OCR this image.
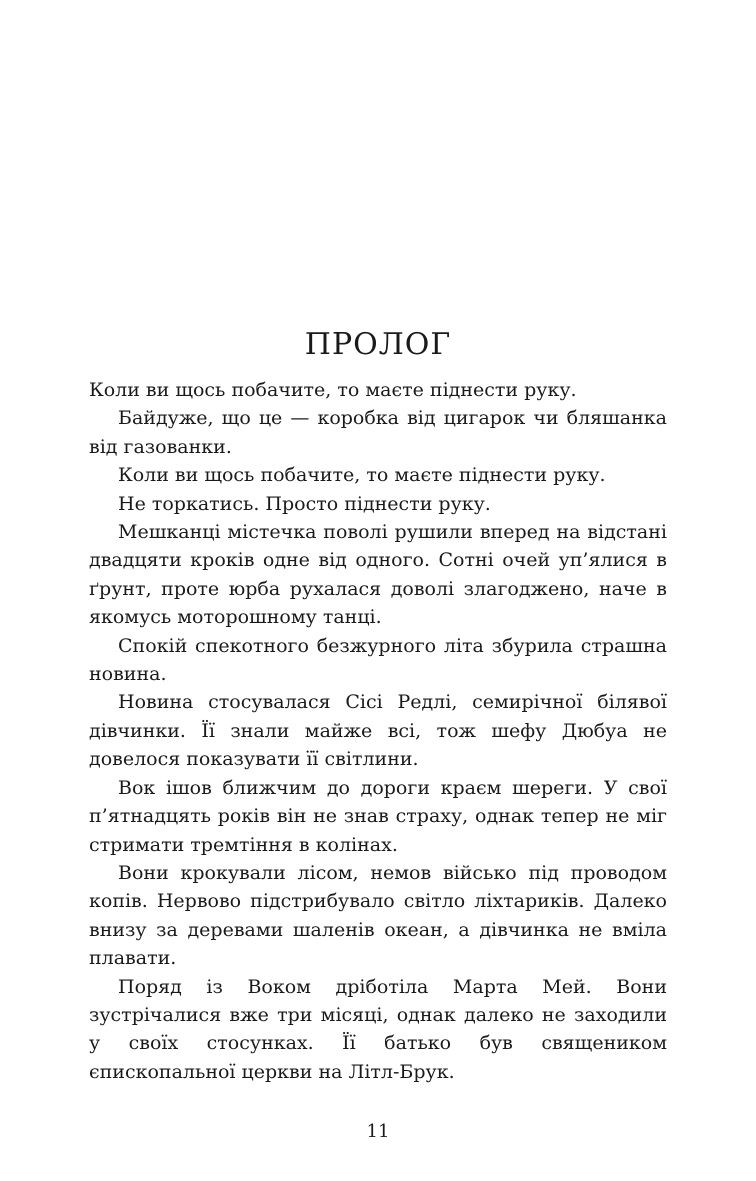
ПРОЛОГ

Коли ви щось побачите, то маєте піднести руку.

Байдуже, що це — коробка від цигарок чи бляшанка від газованки.

Коли ви щось побачите, то маєте піднести руку.

Не торкатись. Просто піднести руку.

Мешканці містечка поволі рушили вперед на відстані двадцяти кроків одне від одного. Сотні очей уп’ялися в ґрунт, проте юрба рухалася доволі злагоджено, наче в якомусь моторошному танці.

Спокій спекотного безжурного літа збурила страшна новина.

Новина стосувалася Сісі Редлі, семирічної білявої дівчинки. Її знали майже всі, тож шефу Дюбуа не довелося показувати її світлини.

Вок ішов ближчим до дороги краєм шереги. У свої п’ятнадцять років він не знав страху, однак тепер не міг стримати тремтіння в колінах.

Вони крокували лісом, немов військо під проводом копів. Нервово підстрибувало світло ліхтариків. Далеко внизу за деревами шаленів океан, а дівчинка не вміла плавати.

Поряд із Воком дріботіла Марта Мей. Вони зустрічалися вже три місяці, однак далеко не заходили у своїх стосунках. Її батько був священиком єпископальної церкви на Літл-Брук.

11
